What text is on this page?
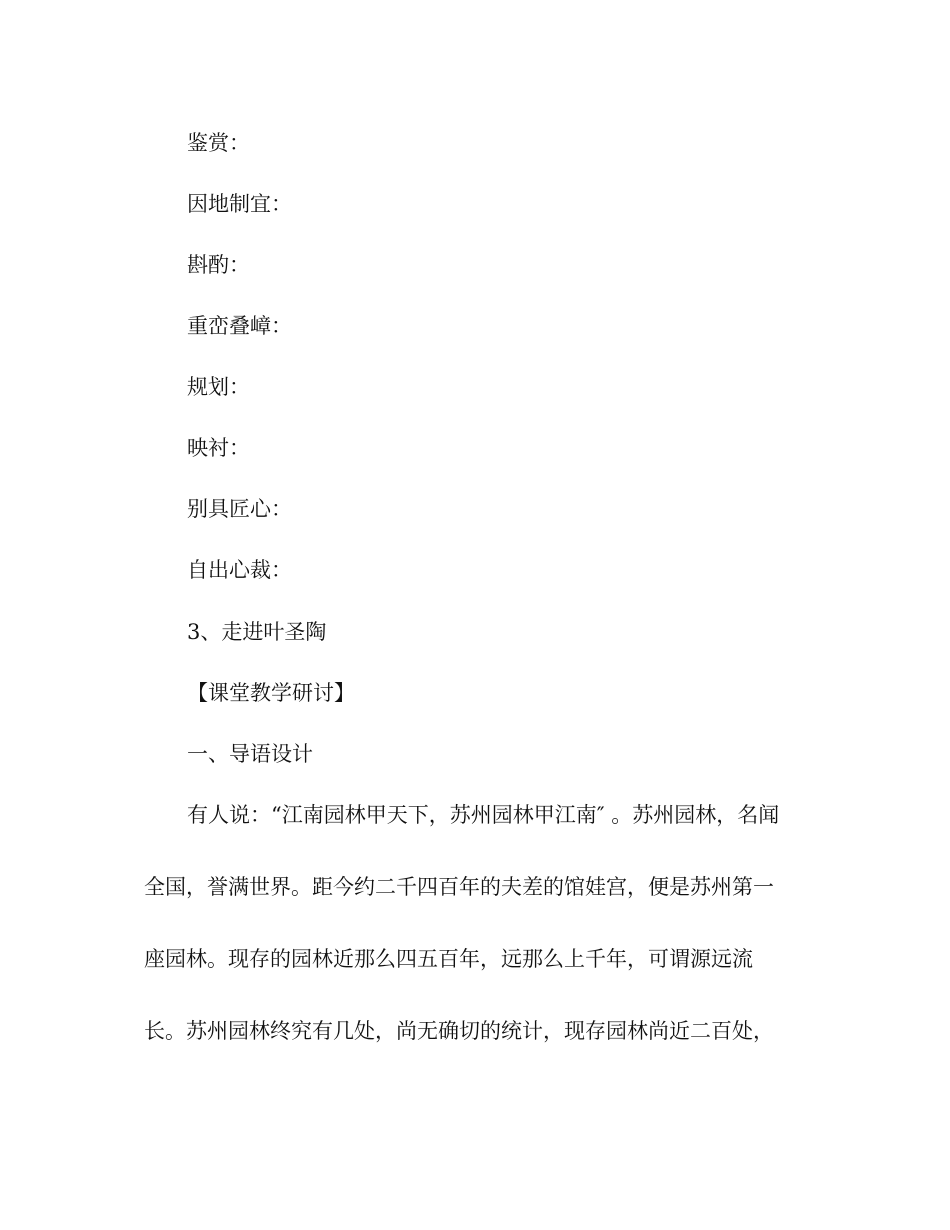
鉴赏：
因地制宜：
斟酌：
重峦叠嶂：
规划：
映衬：
别具匠心：
自出心裁：
3、走进叶圣陶
【课堂教学研讨】
一、导语设计
有人说：“江南园林甲天下，苏州园林甲江南″ 。苏州园林，名闻
全国，誉满世界。距今约二千四百年的夫差的馆娃宫，便是苏州第一
座园林。现存的园林近那么四五百年，远那么上千年，可谓源远流
长。苏州园林终究有几处，尚无确切的统计，现存园林尚近二百处，
